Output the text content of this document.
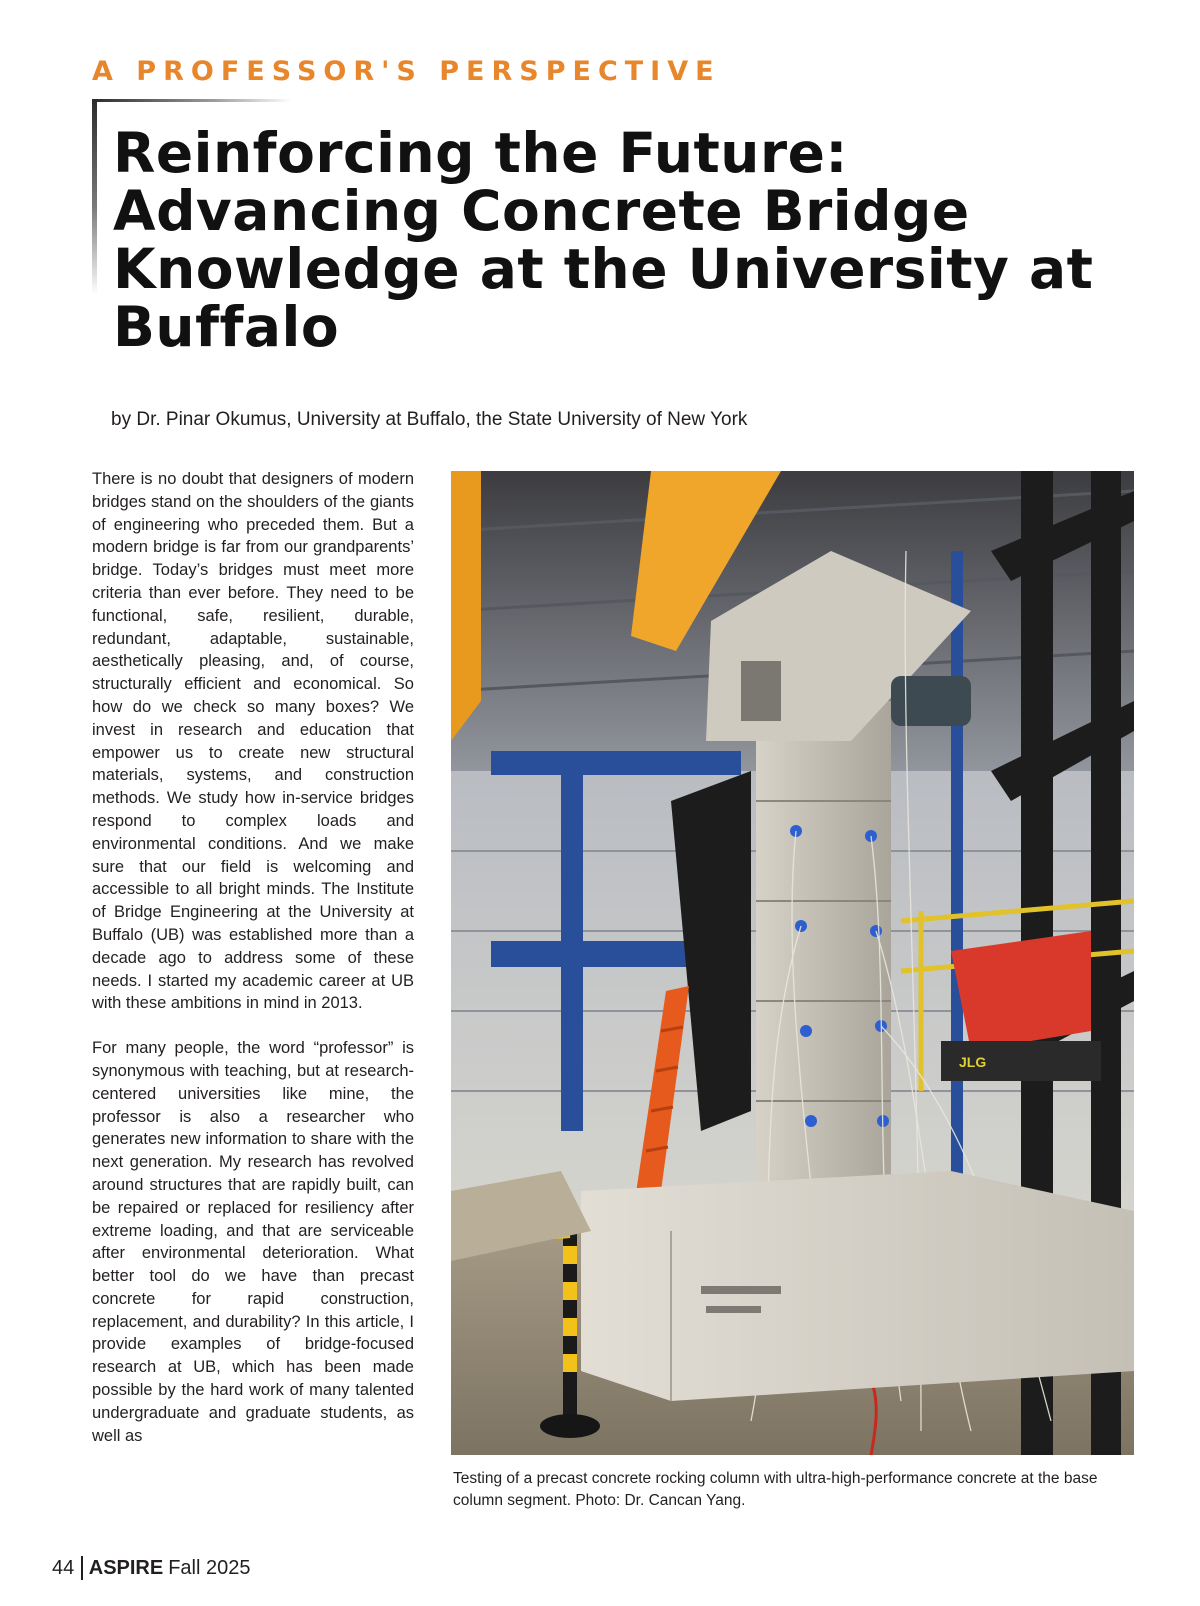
A PROFESSOR'S PERSPECTIVE
Reinforcing the Future: Advancing Concrete Bridge Knowledge at the University at Buffalo

by Dr. Pinar Okumus, University at Buffalo, the State University of New York

There is no doubt that designers of modern bridges stand on the shoulders of the giants of engineering who preceded them. But a modern bridge is far from our grandparents’ bridge. Today’s bridges must meet more criteria than ever before. They need to be functional, safe, resilient, durable, redundant, adaptable, sustainable, aesthetically pleasing, and, of course, structurally efficient and economical. So how do we check so many boxes? We invest in research and education that empower us to create new structural materials, systems, and construction methods. We study how in-service bridges respond to complex loads and environmental conditions. And we make sure that our field is welcoming and accessible to all bright minds. The Institute of Bridge Engineering at the University at Buffalo (UB) was established more than a decade ago to address some of these needs. I started my academic career at UB with these ambitions in mind in 2013.

For many people, the word “professor” is synonymous with teaching, but at research-centered universities like mine, the professor is also a researcher who generates new information to share with the next generation. My research has revolved around structures that are rapidly built, can be repaired or replaced for resiliency after extreme loading, and that are serviceable after environmental deterioration. What better tool do we have than precast concrete for rapid construction, replacement, and durability? In this article, I provide examples of bridge-focused research at UB, which has been made possible by the hard work of many talented undergraduate and graduate students, as well as

JLG

Testing of a precast concrete rocking column with ultra-high-performance concrete at the base column segment. Photo: Dr. Cancan Yang.

44 ASPIRE Fall 2025
